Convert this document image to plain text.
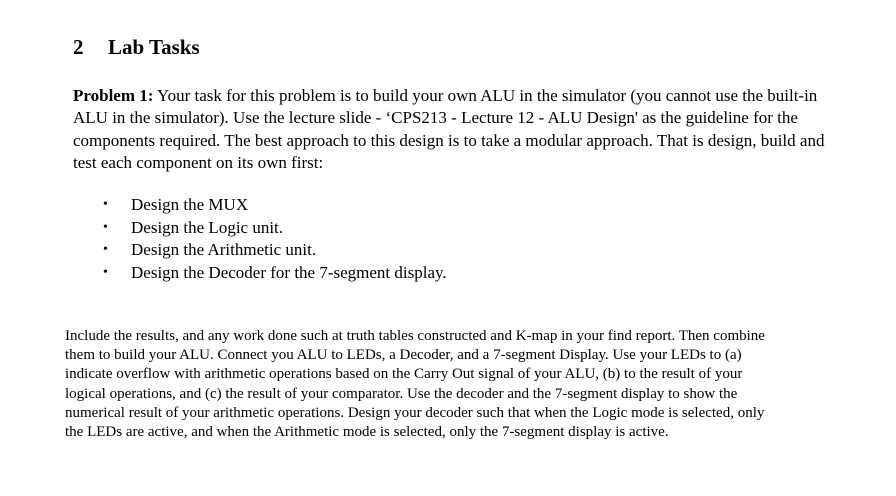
2 Lab Tasks

Problem 1: Your task for this problem is to build your own ALU in the simulator (you cannot use the built-in ALU in the simulator). Use the lecture slide - ‘CPS213 - Lecture 12 - ALU Design' as the guideline for the components required. The best approach to this design is to take a modular approach. That is design, build and test each component on its own first:

• Design the MUX
• Design the Logic unit.
• Design the Arithmetic unit.
• Design the Decoder for the 7-segment display.

Include the results, and any work done such at truth tables constructed and K-map in your find report. Then combine them to build your ALU. Connect you ALU to LEDs, a Decoder, and a 7-segment Display. Use your LEDs to (a) indicate overflow with arithmetic operations based on the Carry Out signal of your ALU, (b) to the result of your logical operations, and (c) the result of your comparator. Use the decoder and the 7-segment display to show the numerical result of your arithmetic operations. Design your decoder such that when the Logic mode is selected, only the LEDs are active, and when the Arithmetic mode is selected, only the 7-segment display is active.
